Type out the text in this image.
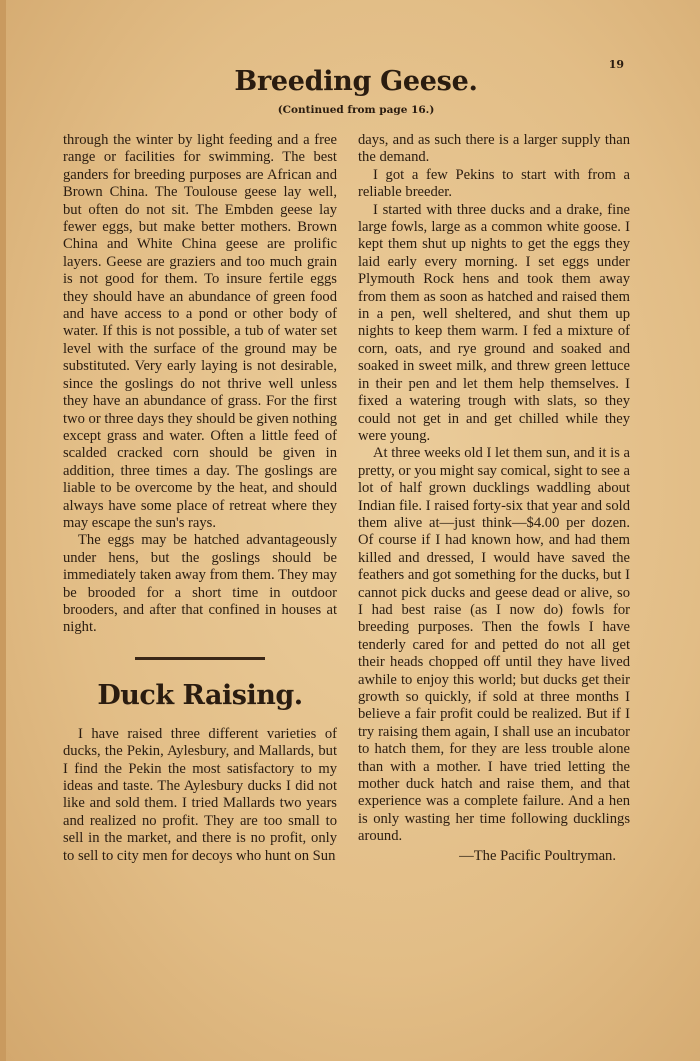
19
Breeding Geese.
(Continued from page 16.)

through the winter by light feeding and a free range or facilities for swimming. The best ganders for breeding purposes are African and Brown China. The Toulouse geese lay well, but often do not sit. The Embden geese lay fewer eggs, but make better mothers. Brown China and White China geese are prolific layers. Geese are graziers and too much grain is not good for them. To insure fertile eggs they should have an abundance of green food and have access to a pond or other body of water. If this is not possible, a tub of water set level with the surface of the ground may be substituted. Very early laying is not desirable, since the goslings do not thrive well unless they have an abundance of grass. For the first two or three days they should be given nothing except grass and water. Often a little feed of scalded cracked corn should be given in addition, three times a day. The goslings are liable to be overcome by the heat, and should always have some place of retreat where they may escape the sun's rays.

The eggs may be hatched advantageously under hens, but the goslings should be immediately taken away from them. They may be brooded for a short time in outdoor brooders, and after that confined in houses at night.

Duck Raising.

I have raised three different varieties of ducks, the Pekin, Aylesbury, and Mallards, but I find the Pekin the most satisfactory to my ideas and taste. The Aylesbury ducks I did not like and sold them. I tried Mallards two years and realized no profit. They are too small to sell in the market, and there is no profit, only to sell to city men for decoys who hunt on Sun

days, and as such there is a larger supply than the demand.

I got a few Pekins to start with from a reliable breeder.

I started with three ducks and a drake, fine large fowls, large as a common white goose. I kept them shut up nights to get the eggs they laid early every morning. I set eggs under Plymouth Rock hens and took them away from them as soon as hatched and raised them in a pen, well sheltered, and shut them up nights to keep them warm. I fed a mixture of corn, oats, and rye ground and soaked and soaked in sweet milk, and threw green lettuce in their pen and let them help themselves. I fixed a watering trough with slats, so they could not get in and get chilled while they were young.

At three weeks old I let them sun, and it is a pretty, or you might say comical, sight to see a lot of half grown ducklings waddling about Indian file. I raised forty-six that year and sold them alive at—just think—$4.00 per dozen. Of course if I had known how, and had them killed and dressed, I would have saved the feathers and got something for the ducks, but I cannot pick ducks and geese dead or alive, so I had best raise (as I now do) fowls for breeding purposes. Then the fowls I have tenderly cared for and petted do not all get their heads chopped off until they have lived awhile to enjoy this world; but ducks get their growth so quickly, if sold at three months I believe a fair profit could be realized. But if I try raising them again, I shall use an incubator to hatch them, for they are less trouble alone than with a mother. I have tried letting the mother duck hatch and raise them, and that experience was a complete failure. And a hen is only wasting her time following ducklings around.

—The Pacific Poultryman.
